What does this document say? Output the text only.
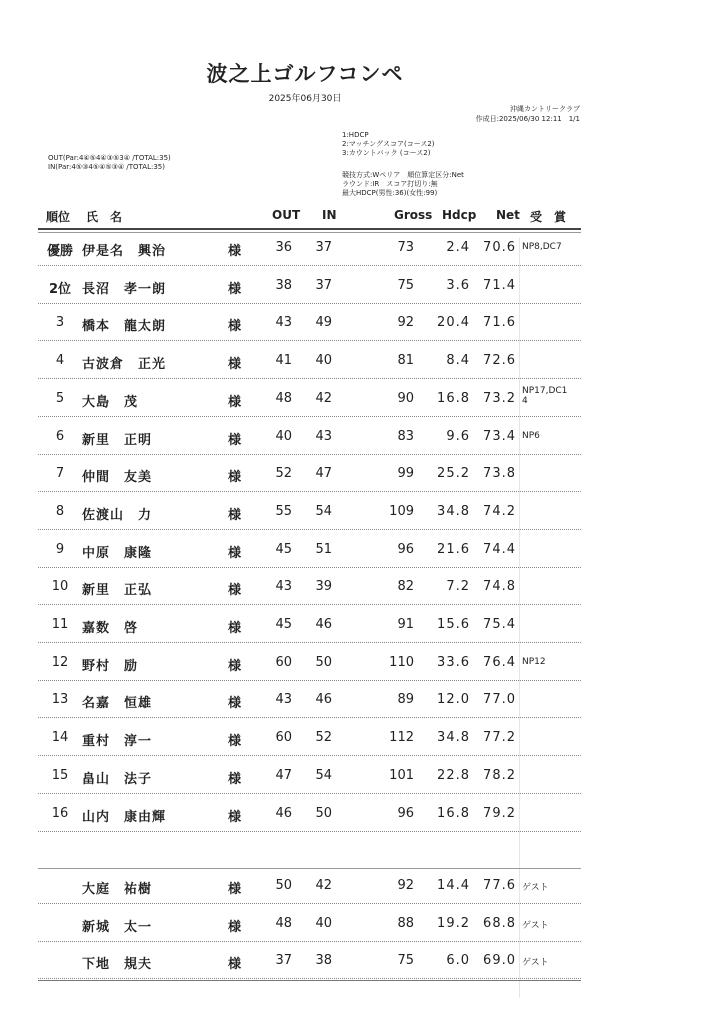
波之上ゴルフコンペ
2025年06月30日
沖縄カントリークラブ
作成日:2025/06/30 12:11　1/1
1:HDCP
2:マッチングスコア(コース2)
3:カウントバック (コース2)
OUT(Par:4④⑤4④③⑤3④ /TOTAL:35)
IN(Par:4⑤③4⑤④⑤③④ /TOTAL:35)
競技方式:Wペリア　順位算定区分:Net
ラウンド:IR　スコア打切り:無
最大HDCP(男性:36)(女性:99)
順位 氏　名	OUT IN	Gross Hdcp Net 受　賞
優勝 伊是名　興治	様	36	37	73	2.4	70.6 NP8,DC7
2位 長沼　孝一朗	様	38	37	75	3.6	71.4
3	橋本　龍太朗	様	43	49	92	20.4	71.6
4	古波倉　正光	様	41	40	81	8.4	72.6
5	大島　茂	様	48	42	90	16.8	73.2 NP17,DC14
6	新里　正明	様	40	43	83	9.6	73.4 NP6
7	仲間　友美	様	52	47	99	25.2	73.8
8	佐渡山　力	様	55	54	109	34.8	74.2
9	中原　康隆	様	45	51	96	21.6	74.4
10	新里　正弘	様	43	39	82	7.2	74.8
11	嘉数　啓	様	45	46	91	15.6	75.4
12	野村　励	様	60	50	110	33.6	76.4 NP12
13	名嘉　恒雄	様	43	46	89	12.0	77.0
14	重村　淳一	様	60	52	112	34.8	77.2
15	畠山　法子	様	47	54	101	22.8	78.2
16	山内　康由輝	様	46	50	96	16.8	79.2
大庭　祐樹	様	50	42	92	14.4	77.6 ゲスト
新城　太一	様	48	40	88	19.2	68.8 ゲスト
下地　規夫	様	37	38	75	6.0	69.0 ゲスト
